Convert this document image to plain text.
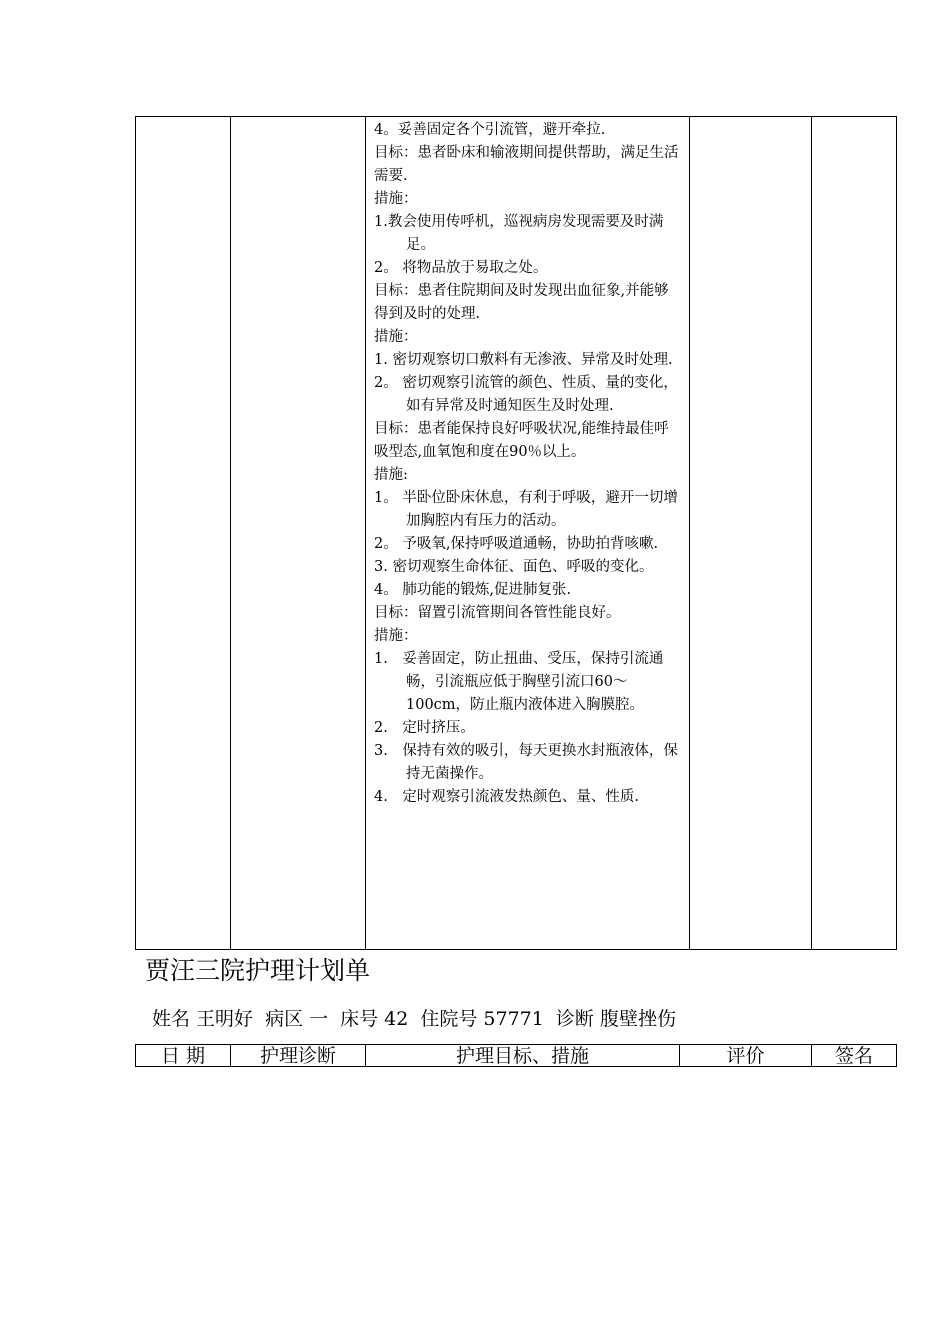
4。妥善固定各个引流管，避开牵拉.

目标：患者卧床和输液期间提供帮助，满足生活需要.

措施：

1.教会使用传呼机，巡视病房发现需要及时满足。

2。 将物品放于易取之处。

目标：患者住院期间及时发现出血征象,并能够得到及时的处理.

措施：

1. 密切观察切口敷料有无渗液、异常及时处理.

2。 密切观察引流管的颜色、性质、量的变化，如有异常及时通知医生及时处理.

目标：患者能保持良好呼吸状况,能维持最佳呼吸型态,血氧饱和度在90％以上。

措施:

1。 半卧位卧床休息，有利于呼吸，避开一切增加胸腔内有压力的活动。

2。 予吸氧,保持呼吸道通畅，协助拍背咳嗽.

3. 密切观察生命体征、面色、呼吸的变化。

4。 肺功能的锻炼,促进肺复张.

目标：留置引流管期间各管性能良好。

措施：

1.　妥善固定，防止扭曲、受压，保持引流通畅，引流瓶应低于胸壁引流口60～100cm，防止瓶内液体进入胸膜腔。

2.　定时挤压。

3.　保持有效的吸引，每天更换水封瓶液体，保持无菌操作。

4.　定时观察引流液发热颜色、量、性质.

贾汪三院护理计划单
姓名 王明好 病区 一 床号 42 住院号 57771 诊断 腹壁挫伤
日 期	护理诊断	护理目标、措施	评价	签名
